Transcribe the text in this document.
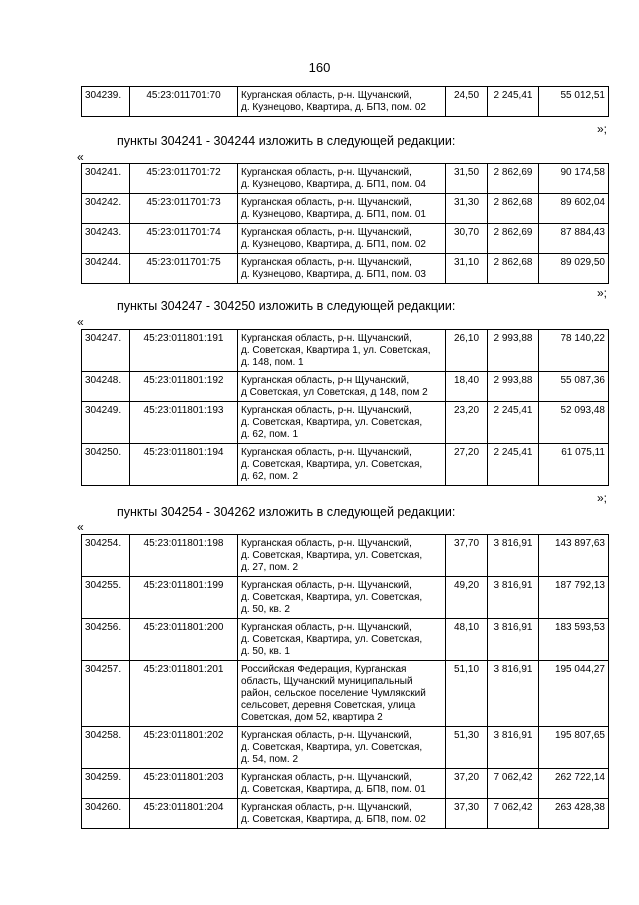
160
304239.	45:23:011701:70	Курганская область, р-н. Щучанский,
д. Кузнецово, Квартира, д. БП3, пом. 02
	24,50	2 245,41	55 012,51
»;
пункты 304241 - 304244 изложить в следующей редакции:
«
304241.	45:23:011701:72	Курганская область, р-н. Щучанский,
д. Кузнецово, Квартира, д. БП1, пом. 04	31,50	2 862,69	90 174,58
304242.	45:23:011701:73	Курганская область, р-н. Щучанский,
д. Кузнецово, Квартира, д. БП1, пом. 01	31,30	2 862,68	89 602,04
304243.	45:23:011701:74	Курганская область, р-н. Щучанский,
д. Кузнецово, Квартира, д. БП1, пом. 02	30,70	2 862,69	87 884,43
304244.	45:23:011701:75	Курганская область, р-н. Щучанский,
д. Кузнецово, Квартира, д. БП1, пом. 03	31,10	2 862,68	89 029,50
»;
пункты 304247 - 304250 изложить в следующей редакции:
«
304247.	45:23:011801:191	Курганская область, р-н. Щучанский,
д. Советская, Квартира 1, ул. Советская,
д. 148, пом. 1	26,10	2 993,88	78 140,22
304248.	45:23:011801:192	Курганская область, р-н Щучанский,
д Советская, ул Советская, д 148, пом 2	18,40	2 993,88	55 087,36
304249.	45:23:011801:193	Курганская область, р-н. Щучанский,
д. Советская, Квартира, ул. Советская,
д. 62, пом. 1	23,20	2 245,41	52 093,48
304250.	45:23:011801:194	Курганская область, р-н. Щучанский,
д. Советская, Квартира, ул. Советская,
д. 62, пом. 2	27,20	2 245,41	61 075,11
»;
пункты 304254 - 304262 изложить в следующей редакции:
«
304254.	45:23:011801:198	Курганская область, р-н. Щучанский,
д. Советская, Квартира, ул. Советская,
д. 27, пом. 2	37,70	3 816,91	143 897,63
304255.	45:23:011801:199	Курганская область, р-н. Щучанский,
д. Советская, Квартира, ул. Советская,
д. 50, кв. 2	49,20	3 816,91	187 792,13
304256.	45:23:011801:200	Курганская область, р-н. Щучанский,
д. Советская, Квартира, ул. Советская,
д. 50, кв. 1	48,10	3 816,91	183 593,53
304257.	45:23:011801:201	Российская Федерация, Курганская
область, Щучанский муниципальный
район, сельское поселение Чумлякский
сельсовет, деревня Советская, улица
Советская, дом 52, квартира 2	51,10	3 816,91	195 044,27
304258.	45:23:011801:202	Курганская область, р-н. Щучанский,
д. Советская, Квартира, ул. Советская,
д. 54, пом. 2	51,30	3 816,91	195 807,65
304259.	45:23:011801:203	Курганская область, р-н. Щучанский,
д. Советская, Квартира, д. БП8, пом. 01	37,20	7 062,42	262 722,14
304260.	45:23:011801:204	Курганская область, р-н. Щучанский,
д. Советская, Квартира, д. БП8, пом. 02	37,30	7 062,42	263 428,38
